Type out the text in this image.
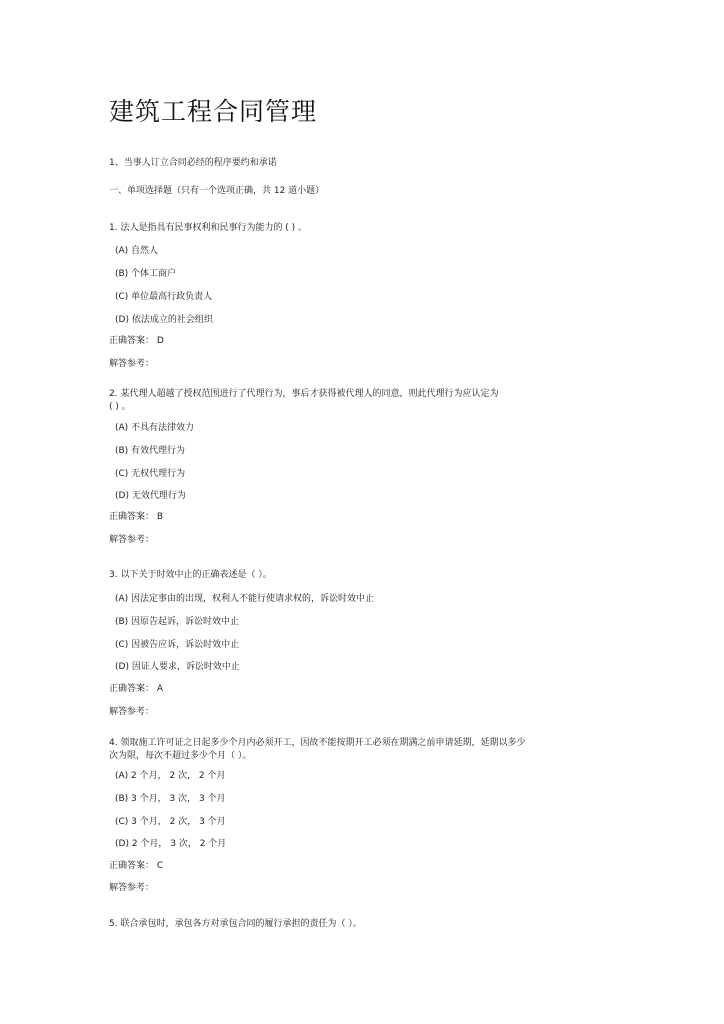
建筑工程合同管理
1、当事人订立合同必经的程序要约和承诺
一、单项选择题（只有一个选项正确，共 12 道小题）
1. 法人是指具有民事权利和民事行为能力的 ( ) 。
(A) 自然人
(B) 个体工商户
(C) 单位最高行政负责人
(D) 依法成立的社会组织
正确答案： D
解答参考：
2. 某代理人超越了授权范围进行了代理行为，事后才获得被代理人的同意，则此代理行为应认定为
( ) 。
(A) 不具有法律效力
(B) 有效代理行为
(C) 无权代理行为
(D) 无效代理行为
正确答案： B
解答参考：
3. 以下关于时效中止的正确表述是（ ）。
(A) 因法定事由的出现，权利人不能行使请求权的，诉讼时效中止
(B) 因原告起诉，诉讼时效中止
(C) 因被告应诉，诉讼时效中止
(D) 因证人要求，诉讼时效中止
正确答案： A
解答参考：
4. 领取施工许可证之日起多少个月内必须开工，因故不能按期开工必须在期满之前申请延期，延期以多少
次为限，每次不超过多少个月（ ）。
(A) 2 个月， 2 次， 2 个月
(B) 3 个月， 3 次， 3 个月
(C) 3 个月， 2 次， 3 个月
(D) 2 个月， 3 次， 2 个月
正确答案： C
解答参考：
5. 联合承包时，承包各方对承包合同的履行承担的责任为（ ）。
